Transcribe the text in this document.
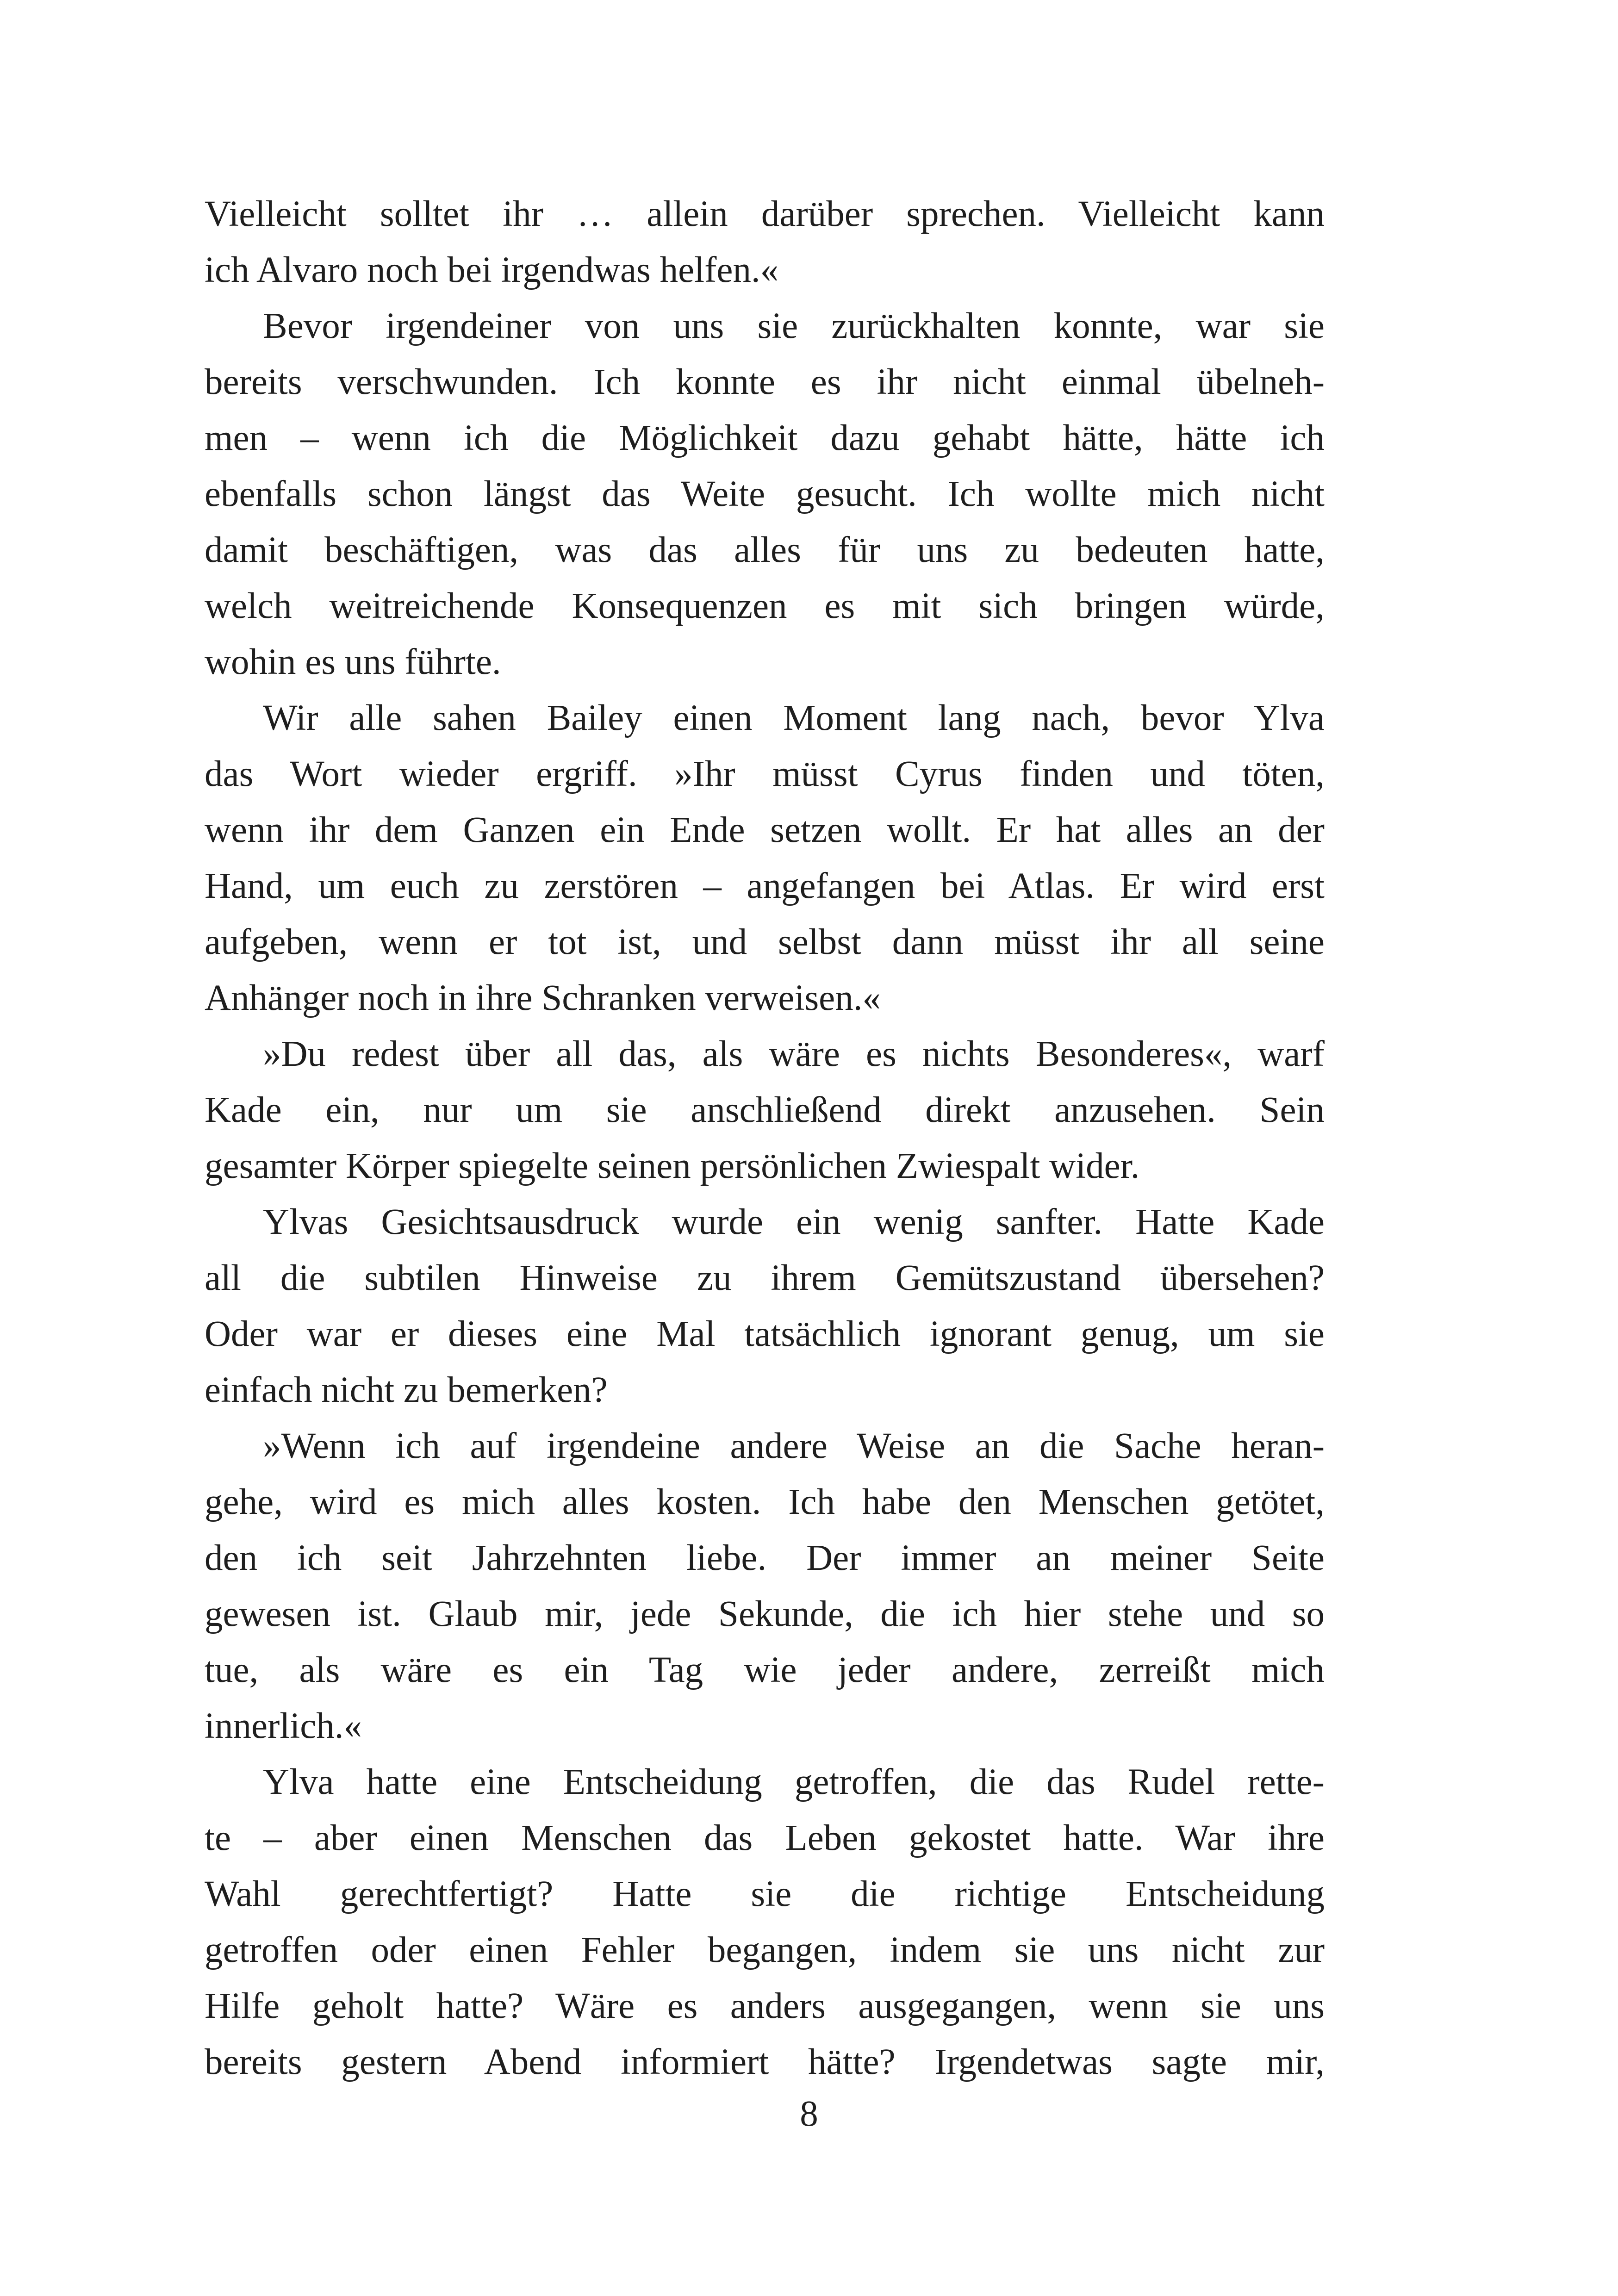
Vielleicht solltet ihr … allein darüber sprechen. Vielleicht kann
ich Alvaro noch bei irgendwas helfen.«
Bevor irgendeiner von uns sie zurückhalten konnte, war sie
bereits verschwunden. Ich konnte es ihr nicht einmal übelneh-
men – wenn ich die Möglichkeit dazu gehabt hätte, hätte ich
ebenfalls schon längst das Weite gesucht. Ich wollte mich nicht
damit beschäftigen, was das alles für uns zu bedeuten hatte,
welch weitreichende Konsequenzen es mit sich bringen würde,
wohin es uns führte.
Wir alle sahen Bailey einen Moment lang nach, bevor Ylva
das Wort wieder ergriff. »Ihr müsst Cyrus finden und töten,
wenn ihr dem Ganzen ein Ende setzen wollt. Er hat alles an der
Hand, um euch zu zerstören – angefangen bei Atlas. Er wird erst
aufgeben, wenn er tot ist, und selbst dann müsst ihr all seine
Anhänger noch in ihre Schranken verweisen.«
»Du redest über all das, als wäre es nichts Besonderes«, warf
Kade ein, nur um sie anschließend direkt anzusehen. Sein
gesamter Körper spiegelte seinen persönlichen Zwiespalt wider.
Ylvas Gesichtsausdruck wurde ein wenig sanfter. Hatte Kade
all die subtilen Hinweise zu ihrem Gemütszustand übersehen?
Oder war er dieses eine Mal tatsächlich ignorant genug, um sie
einfach nicht zu bemerken?
»Wenn ich auf irgendeine andere Weise an die Sache heran-
gehe, wird es mich alles kosten. Ich habe den Menschen getötet,
den ich seit Jahrzehnten liebe. Der immer an meiner Seite
gewesen ist. Glaub mir, jede Sekunde, die ich hier stehe und so
tue, als wäre es ein Tag wie jeder andere, zerreißt mich
innerlich.«
Ylva hatte eine Entscheidung getroffen, die das Rudel rette-
te – aber einen Menschen das Leben gekostet hatte. War ihre
Wahl gerechtfertigt? Hatte sie die richtige Entscheidung
getroffen oder einen Fehler begangen, indem sie uns nicht zur
Hilfe geholt hatte? Wäre es anders ausgegangen, wenn sie uns
bereits gestern Abend informiert hätte? Irgendetwas sagte mir,
8
